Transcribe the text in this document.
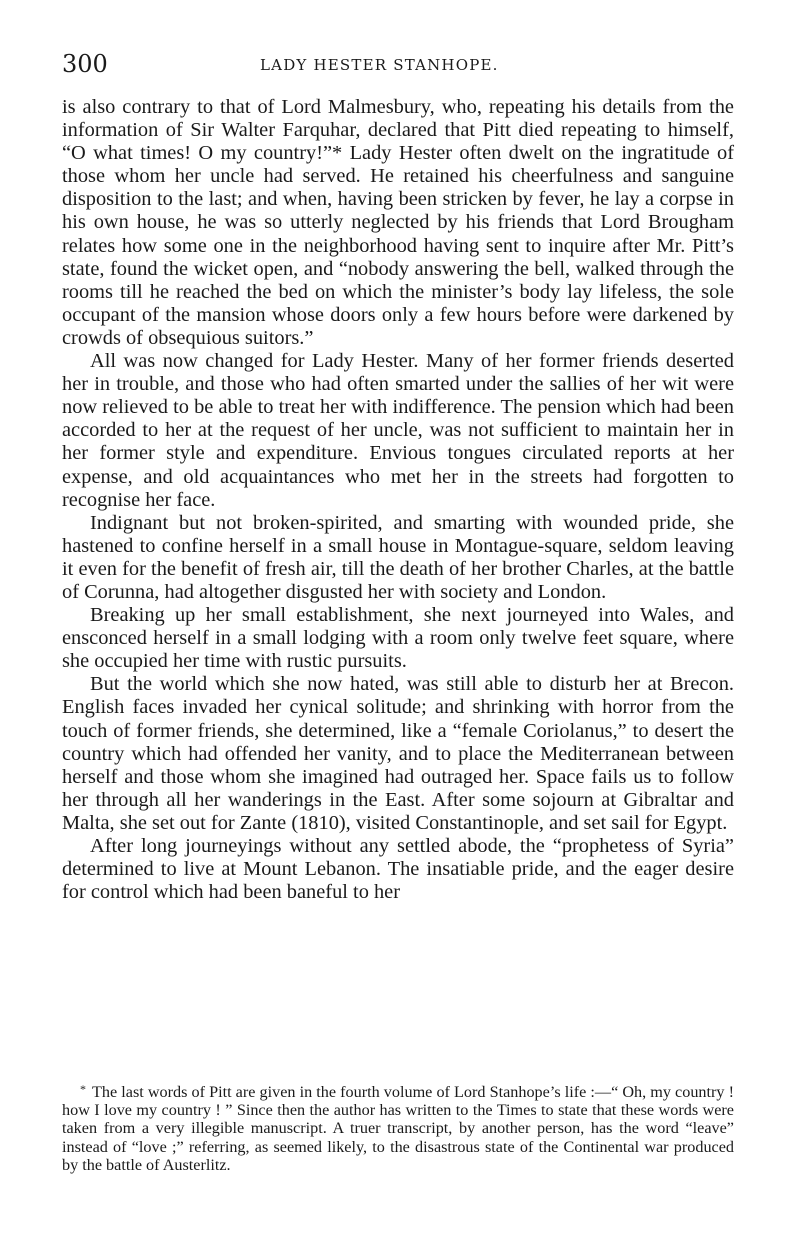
300	LADY HESTER STANHOPE.

is also contrary to that of Lord Malmesbury, who, repeating his details from the information of Sir Walter Farquhar, declared that Pitt died repeating to himself, “O what times! O my country!”* Lady Hester often dwelt on the ingratitude of those whom her uncle had served. He retained his cheerfulness and sanguine disposition to the last; and when, having been stricken by fever, he lay a corpse in his own house, he was so utterly neglected by his friends that Lord Brougham relates how some one in the neighborhood having sent to inquire after Mr. Pitt’s state, found the wicket open, and “nobody answering the bell, walked through the rooms till he reached the bed on which the minister’s body lay lifeless, the sole occupant of the mansion whose doors only a few hours before were darkened by crowds of obsequious suitors.”

All was now changed for Lady Hester. Many of her former friends deserted her in trouble, and those who had often smarted under the sallies of her wit were now relieved to be able to treat her with indifference. The pension which had been accorded to her at the request of her uncle, was not sufficient to maintain her in her former style and expenditure. Envious tongues circulated reports at her expense, and old acquaintances who met her in the streets had forgotten to recognise her face.

Indignant but not broken-spirited, and smarting with wounded pride, she hastened to confine herself in a small house in Montague-square, seldom leaving it even for the benefit of fresh air, till the death of her brother Charles, at the battle of Corunna, had altogether disgusted her with society and London.

Breaking up her small establishment, she next journeyed into Wales, and ensconced herself in a small lodging with a room only twelve feet square, where she occupied her time with rustic pursuits.

But the world which she now hated, was still able to disturb her at Brecon. English faces invaded her cynical solitude; and shrinking with horror from the touch of former friends, she determined, like a “female Coriolanus,” to desert the country which had offended her vanity, and to place the Mediterranean between herself and those whom she imagined had outraged her. Space fails us to follow her through all her wanderings in the East. After some sojourn at Gibraltar and Malta, she set out for Zante (1810), visited Constantinople, and set sail for Egypt.

After long journeyings without any settled abode, the “prophetess of Syria” determined to live at Mount Lebanon. The insatiable pride, and the eager desire for control which had been baneful to her

* The last words of Pitt are given in the fourth volume of Lord Stanhope’s life :—“ Oh, my country ! how I love my country ! ” Since then the author has written to the Times to state that these words were taken from a very illegible manuscript. A truer transcript, by another person, has the word “leave” instead of “love ;” referring, as seemed likely, to the disastrous state of the Continental war produced by the battle of Austerlitz.
